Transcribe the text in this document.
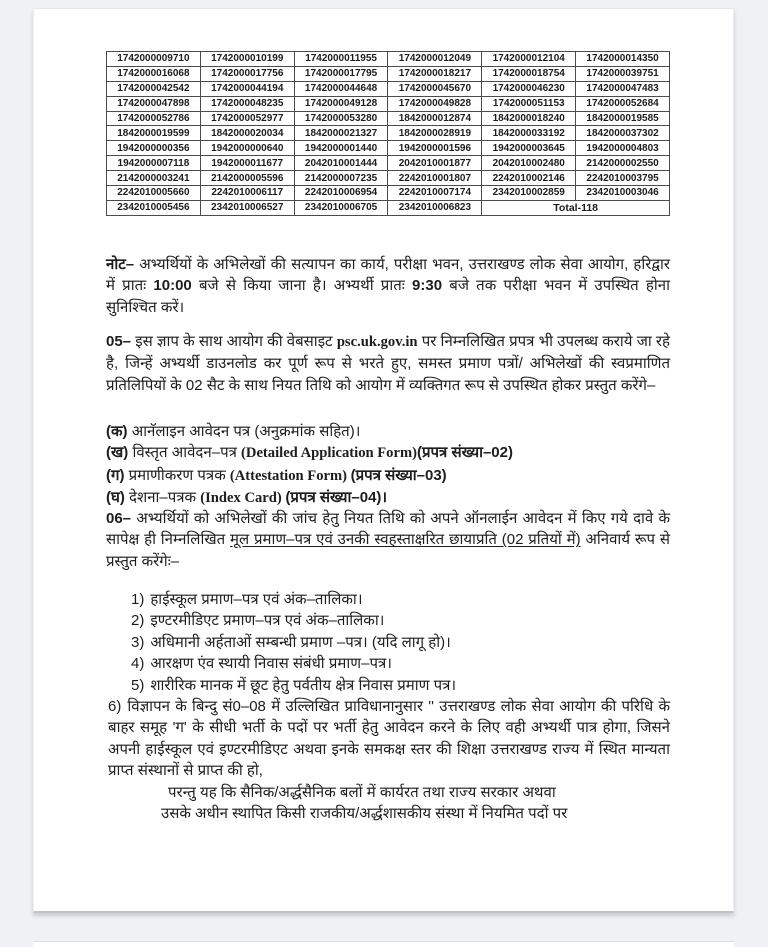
1742000009710	1742000010199	1742000011955	1742000012049	1742000012104	1742000014350
1742000016068	1742000017756	1742000017795	1742000018217	1742000018754	1742000039751
1742000042542	1742000044194	1742000044648	1742000045670	1742000046230	1742000047483
1742000047898	1742000048235	1742000049128	1742000049828	1742000051153	1742000052684
1742000052786	1742000052977	1742000053280	1842000012874	1842000018240	1842000019585
1842000019599	1842000020034	1842000021327	1842000028919	1842000033192	1842000037302
1942000000356	1942000000640	1942000001440	1942000001596	1942000003645	1942000004803
1942000007118	1942000011677	2042010001444	2042010001877	2042010002480	2142000002550
2142000003241	2142000005596	2142000007235	2242010001807	2242010002146	2242010003795
2242010005660	2242010006117	2242010006954	2242010007174	2342010002859	2342010003046
2342010005456	2342010006527	2342010006705	2342010006823	Total-118	
नोट– अभ्यर्थियों के अभिलेखों की सत्यापन का कार्य, परीक्षा भवन, उत्तराखण्ड लोक सेवा आयोग, हरिद्वार में प्रातः 10:00 बजे से किया जाना है। अभ्यर्थी प्रातः 9:30 बजे तक परीक्षा भवन में उपस्थित होना सुनिश्चित करें।
05– इस ज्ञाप के साथ आयोग की वेबसाइट psc.uk.gov.in पर निम्नलिखित प्रपत्र भी उपलब्ध कराये जा रहे है, जिन्हें अभ्यर्थी डाउनलोड कर पूर्ण रूप से भरते हुए, समस्त प्रमाण पत्रों/ अभिलेखों की स्वप्रमाणित प्रतिलिपियों के 02 सैट के साथ नियत तिथि को आयोग में व्यक्तिगत रूप से उपस्थित होकर प्रस्तुत करेंगे–
(क) आनॅलाइन आवेदन पत्र (अनुक्रमांक सहित)।
(ख) विस्तृत आवेदन–पत्र (Detailed Application Form)(प्रपत्र संख्या–02)
(ग) प्रमाणीकरण पत्रक (Attestation Form) (प्रपत्र संख्या–03)
(घ) देशना–पत्रक (Index Card) (प्रपत्र संख्या–04)।
06– अभ्यर्थियों को अभिलेखों की जांच हेतु नियत तिथि को अपने ऑनलाईन आवेदन में किए गये दावे के सापेक्ष ही निम्नलिखित मूल प्रमाण–पत्र एवं उनकी स्वहस्ताक्षरित छायाप्रति (02 प्रतियों में) अनिवार्य रूप से प्रस्तुत करेंगेः–
1) हाईस्कूल प्रमाण–पत्र एवं अंक–तालिका।
2) इण्टरमीडिएट प्रमाण–पत्र एवं अंक–तालिका।
3) अधिमानी अर्हताओं सम्बन्धी प्रमाण –पत्र। (यदि लागू हो)।
4) आरक्षण एंव स्थायी निवास संबंधी प्रमाण–पत्र।
5) शारीरिक मानक में छूट हेतु पर्वतीय क्षेत्र निवास प्रमाण पत्र।
6) विज्ञापन के बिन्दु सं0–08 में उल्लिखित प्राविधानानुसार '' उत्तराखण्ड लोक सेवा आयोग की परिधि के बाहर समूह 'ग' के सीधी भर्ती के पदों पर भर्ती हेतु आवेदन करने के लिए वही अभ्यर्थी पात्र होगा, जिसने अपनी हाईस्कूल एवं इण्टरमीडिएट अथवा इनके समकक्ष स्तर की शिक्षा उत्तराखण्ड राज्य में स्थित मान्यता प्राप्त संस्थानों से प्राप्त की हो,
परन्तु यह कि सैनिक/अर्द्धसैनिक बलों में कार्यरत तथा राज्य सरकार अथवा
उसके अधीन स्थापित किसी राजकीय/अर्द्धशासकीय संस्था में नियमित पदों पर
